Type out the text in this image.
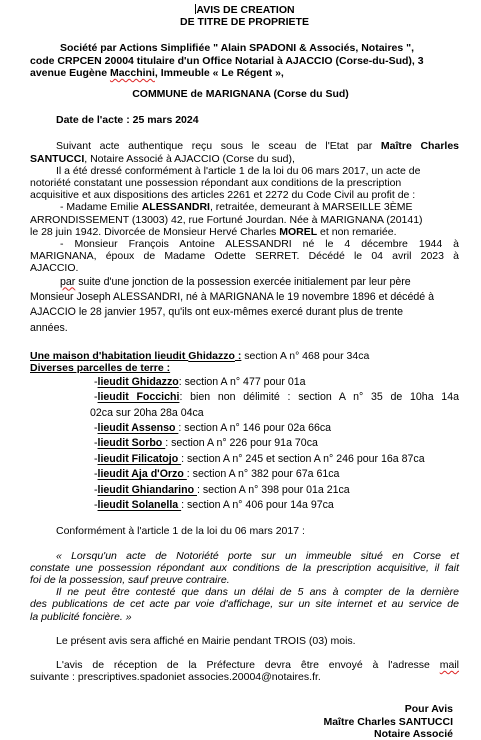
AVIS DE CREATION

DE TITRE DE PROPRIETE

Société par Actions Simplifiée " Alain SPADONI & Associés, Notaires ",

code CRPCEN 20004 titulaire d'un Office Notarial à AJACCIO (Corse-du-Sud), 3

avenue Eugène Macchini, Immeuble « Le Régent »,

COMMUNE de MARIGNANA (Corse du Sud)

Date de l'acte : 25 mars 2024

Suivant acte authentique reçu sous le sceau de l'Etat par Maître Charles

SANTUCCI, Notaire Associé à AJACCIO (Corse du sud),

Il a été dressé conformément à l'article 1 de la loi du 06 mars 2017, un acte de

notoriété constatant une possession répondant aux conditions de la prescription

acquisitive et aux dispositions des articles 2261 et 2272 du Code Civil au profit de :

- Madame Emilie ALESSANDRI, retraitée, demeurant à MARSEILLE 3ÈME

ARRONDISSEMENT (13003) 42, rue Fortuné Jourdan. Née à MARIGNANA (20141)

le 28 juin 1942. Divorcée de Monsieur Hervé Charles MOREL et non remariée.

- Monsieur François Antoine ALESSANDRI né le 4 décembre 1944 à

MARIGNANA, époux de Madame Odette SERRET. Décédé le 04 avril 2023 à

AJACCIO.

par suite d'une jonction de la possession exercée initialement par leur père

Monsieur Joseph ALESSANDRI, né à MARIGNANA le 19 novembre 1896 et décédé à

AJACCIO le 28 janvier 1957, qu'ils ont eux-mêmes exercé durant plus de trente

années.

Une maison d'habitation lieudit Ghidazzo : section A n° 468 pour 34ca

Diverses parcelles de terre :

-lieudit Ghidazzo: section A n° 477 pour 01a

-lieudit Foccichi: bien non délimité : section A n° 35 de 10ha 14a

02ca sur 20ha 28a 04ca

-lieudit Assenso : section A n° 146 pour 02a 66ca

-lieudit Sorbo : section A n° 226 pour 91a 70ca

-lieudit Filicatojo : section A n° 245 et section A n° 246 pour 16a 87ca

-lieudit Aja d'Orzo : section A n° 382 pour 67a 61ca

-lieudit Ghiandarino : section A n° 398 pour 01a 21ca

-lieudit Solanella : section A n° 406 pour 14a 97ca

Conformément à l'article 1 de la loi du 06 mars 2017 :

« Lorsqu'un acte de Notoriété porte sur un immeuble situé en Corse et

constate une possession répondant aux conditions de la prescription acquisitive, il fait

foi de la possession, sauf preuve contraire.

Il ne peut être contesté que dans un délai de 5 ans à compter de la dernière

des publications de cet acte par voie d'affichage, sur un site internet et au service de

la publicité foncière. »

Le présent avis sera affiché en Mairie pendant TROIS (03) mois.

L'avis de réception de la Préfecture devra être envoyé à l'adresse mail

suivante : prescriptives.spadoniet associes.20004@notaires.fr.

Pour Avis

Maître Charles SANTUCCI

Notaire Associé
